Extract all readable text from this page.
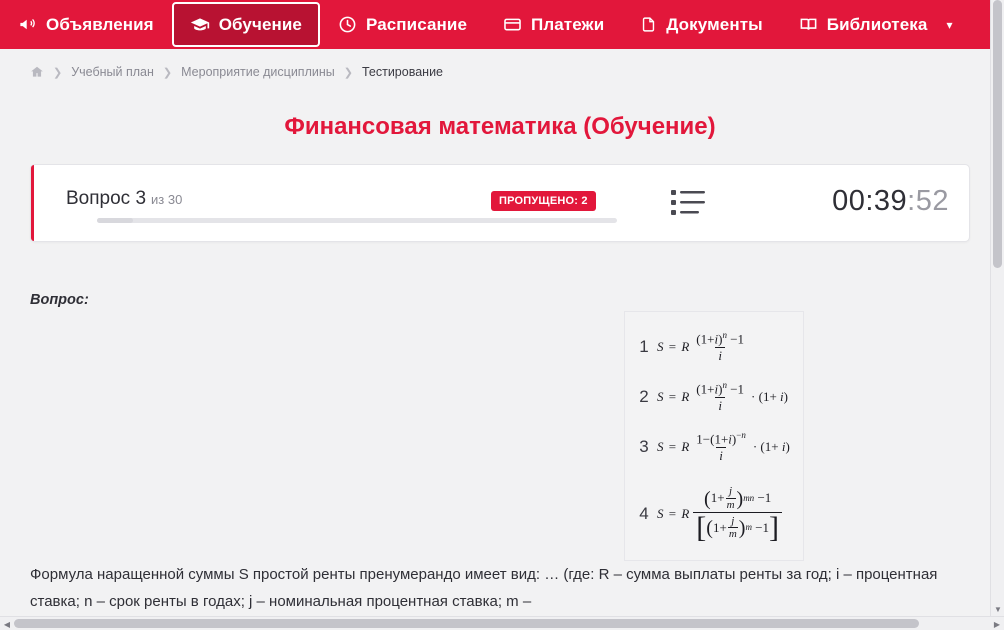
Объявления	Обучение	Расписание	Платежи	Документы	Библиотека ▾
❯ Учебный план ❯ Мероприятие дисциплины ❯ Тестирование
Финансовая математика (Обучение)
Вопрос 3 из 30	ПРОПУЩЕНО: 2	00:39:52
Вопрос:
1 S = R $\frac{(1+i)^n -1}{i}$
2 S = R $\frac{(1+i)^n -1}{i} \cdot (1+ i)$
3 S = R $\frac{1-(1+i)^{-n}}{i} \cdot (1+ i)$
4 S = R
( $1+ \frac{j}{m}$ ) mn −1
[ ( $1+ \frac{j}{m}$ ) m −1 ]
Формула наращенной суммы S простой ренты пренумерандо имеет вид: … (где: R – сумма выплаты ренты за год; i – процентная ставка; n – срок ренты в годах; j – номинальная процентная ставка; m –	▼
◀	▶
